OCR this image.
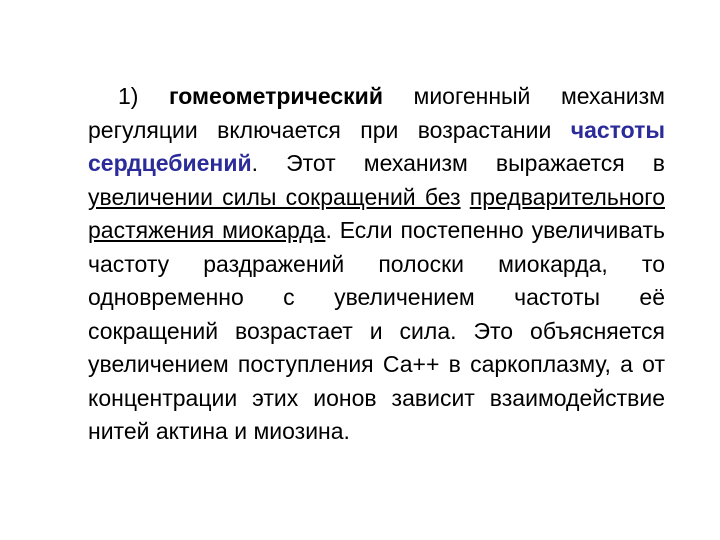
1) гомеометрический миогенный механизм регуляции включается при возрастании частоты сердцебиений. Этот механизм выражается в увеличении силы сокращений без предварительного растяжения миокарда. Если постепенно увеличивать частоту раздражений полоски миокарда, то одновременно с увеличением частоты её сокращений возрастает и сила. Это объясняется увеличением поступления Са++ в саркоплазму, а от концентрации этих ионов зависит взаимодействие нитей актина и миозина.
